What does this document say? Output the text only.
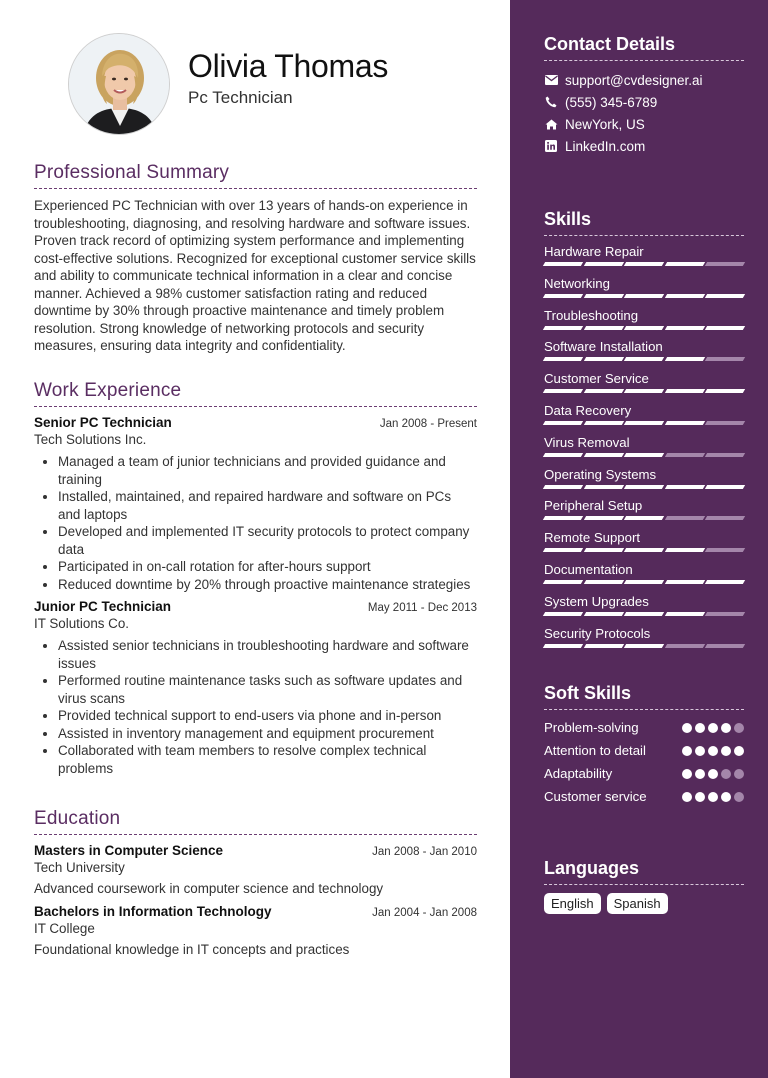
Olivia Thomas
Pc Technician
Professional Summary
Experienced PC Technician with over 13 years of hands-on experience in troubleshooting, diagnosing, and resolving hardware and software issues. Proven track record of optimizing system performance and implementing cost-effective solutions. Recognized for exceptional customer service skills and ability to communicate technical information in a clear and concise manner. Achieved a 98% customer satisfaction rating and reduced downtime by 30% through proactive maintenance and timely problem resolution. Strong knowledge of networking protocols and security measures, ensuring data integrity and confidentiality.
Work Experience
Senior PC Technician	Jan 2008 - Present
Tech Solutions Inc.
• Managed a team of junior technicians and provided guidance and training
• Installed, maintained, and repaired hardware and software on PCs and laptops
• Developed and implemented IT security protocols to protect company data
• Participated in on-call rotation for after-hours support
• Reduced downtime by 20% through proactive maintenance strategies
Junior PC Technician	May 2011 - Dec 2013
IT Solutions Co.
• Assisted senior technicians in troubleshooting hardware and software issues
• Performed routine maintenance tasks such as software updates and virus scans
• Provided technical support to end-users via phone and in-person
• Assisted in inventory management and equipment procurement
• Collaborated with team members to resolve complex technical problems
Education
Masters in Computer Science	Jan 2008 - Jan 2010
Tech University
Advanced coursework in computer science and technology
Bachelors in Information Technology	Jan 2004 - Jan 2008
IT College
Foundational knowledge in IT concepts and practices
Contact Details
support@cvdesigner.ai
(555) 345-6789
NewYork, US
LinkedIn.com
Skills
Hardware Repair
Networking
Troubleshooting
Software Installation
Customer Service
Data Recovery
Virus Removal
Operating Systems
Peripheral Setup
Remote Support
Documentation
System Upgrades
Security Protocols
Soft Skills
Problem-solving
Attention to detail
Adaptability
Customer service
Languages
English	Spanish
